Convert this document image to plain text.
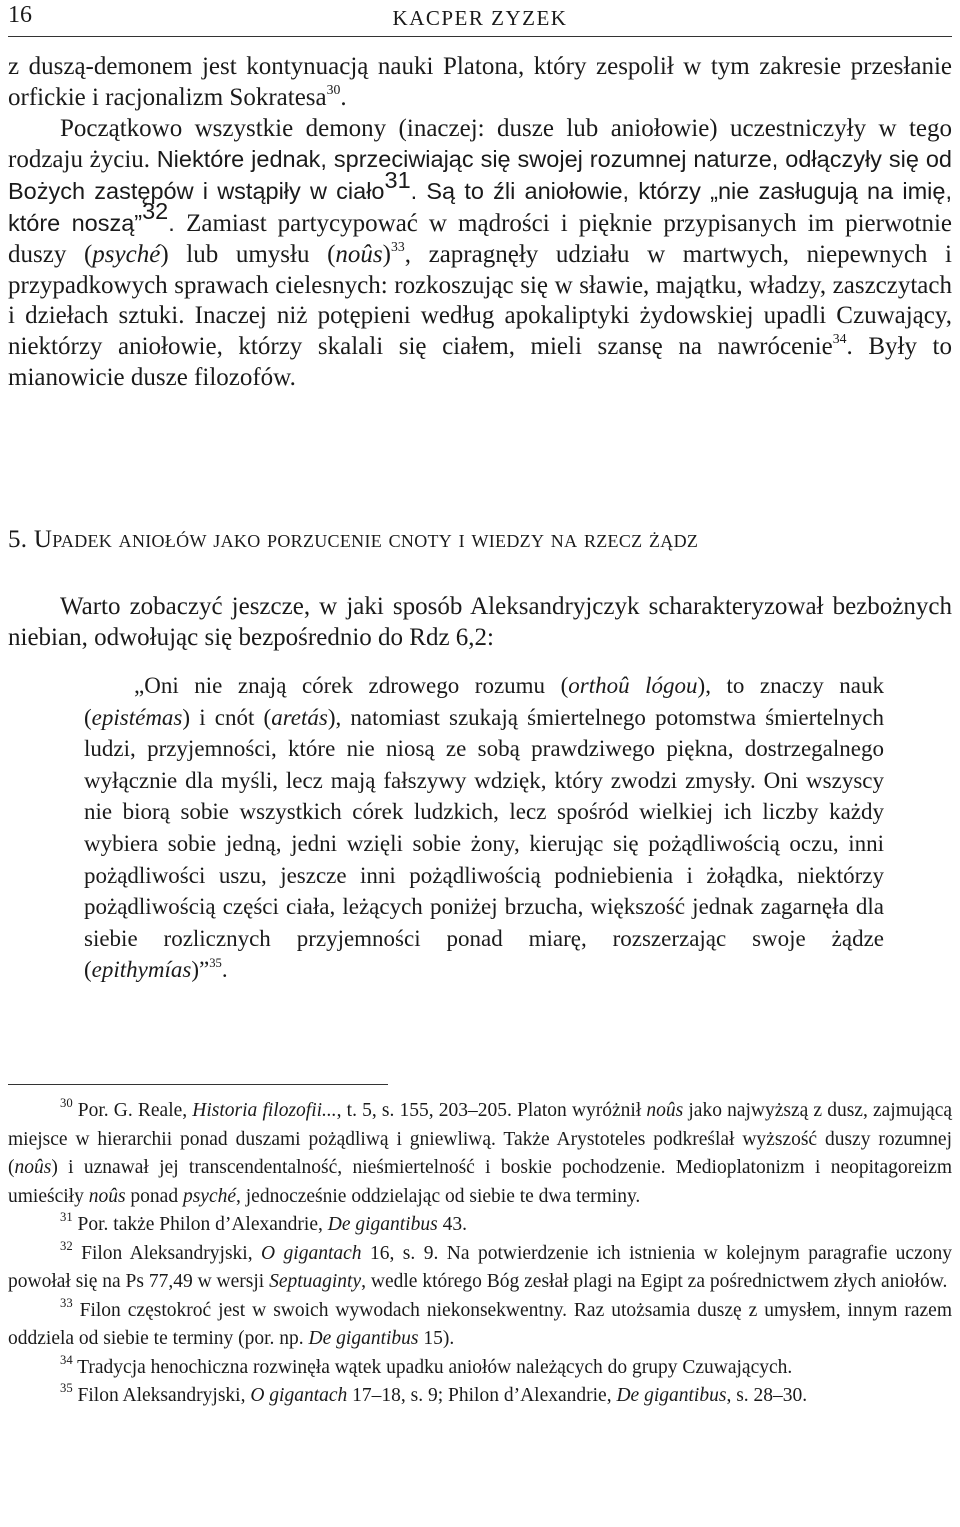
16	KACPER ZYZEK

z duszą-demonem jest kontynuacją nauki Platona, który zespolił w tym zakresie przesłanie orfickie i racjonalizm Sokratesa$^{30}$.

Początkowo wszystkie demony (inaczej: dusze lub aniołowie) uczestniczyły w tego rodzaju życiu. Niektóre jednak, sprzeciwiając się swojej rozumnej naturze, odłączyły się od Bożych zastępów i wstąpiły w ciało$^{31}$. Są to źli aniołowie, którzy „nie zasługują na imię, które noszą”$^{32}$. Zamiast partycypować w mądrości i pięknie przypisanych im pierwotnie duszy (psyché) lub umysłu (noûs)$^{33}$, zapragnęły udziału w martwych, niepewnych i przypadkowych sprawach cielesnych: rozkoszując się w sławie, majątku, władzy, zaszczytach i dziełach sztuki. Inaczej niż potępieni według apokaliptyki żydowskiej upadli Czuwający, niektórzy aniołowie, którzy skalali się ciałem, mieli szansę na nawrócenie$^{34}$. Były to mianowicie dusze filozofów.

5. Upadek aniołów jako porzucenie cnoty i wiedzy na rzecz żądz

Warto zobaczyć jeszcze, w jaki sposób Aleksandryjczyk scharakteryzował bezbożnych niebian, odwołując się bezpośrednio do Rdz 6,2:

„Oni nie znają córek zdrowego rozumu (orthoû lógou), to znaczy nauk (epistémas) i cnót (aretás), natomiast szukają śmiertelnego potomstwa śmiertelnych ludzi, przyjemności, które nie niosą ze sobą prawdziwego piękna, dostrzegalnego wyłącznie dla myśli, lecz mają fałszywy wdzięk, który zwodzi zmysły. Oni wszyscy nie biorą sobie wszystkich córek ludzkich, lecz spośród wielkiej ich liczby każdy wybiera sobie jedną, jedni wzięli sobie żony, kierując się pożądliwością oczu, inni pożądliwości uszu, jeszcze inni pożądliwością podniebienia i żołądka, niektórzy pożądliwością części ciała, leżących poniżej brzucha, większość jednak zagarnęła dla siebie rozlicznych przyjemności ponad miarę, rozszerzając swoje żądze (epithymías)”$^{35}$.

$^{30}$ Por. G. Reale, Historia filozofii..., t. 5, s. 155, 203–205. Platon wyróżnił noûs jako najwyższą z dusz, zajmującą miejsce w hierarchii ponad duszami pożądliwą i gniewliwą. Także Arystoteles podkreślał wyższość duszy rozumnej (noûs) i uznawał jej transcendentalność, nieśmiertelność i boskie pochodzenie. Medioplatonizm i neopitagoreizm umieściły noûs ponad psyché, jednocześnie oddzielając od siebie te dwa terminy.

$^{31}$ Por. także Philon d’Alexandrie, De gigantibus 43.

$^{32}$ Filon Aleksandryjski, O gigantach 16, s. 9. Na potwierdzenie ich istnienia w kolejnym paragrafie uczony powołał się na Ps 77,49 w wersji Septuaginty, wedle którego Bóg zesłał plagi na Egipt za pośrednictwem złych aniołów.

$^{33}$ Filon częstokroć jest w swoich wywodach niekonsekwentny. Raz utożsamia duszę z umysłem, innym razem oddziela od siebie te terminy (por. np. De gigantibus 15).

$^{34}$ Tradycja henochiczna rozwinęła wątek upadku aniołów należących do grupy Czuwających.

$^{35}$ Filon Aleksandryjski, O gigantach 17–18, s. 9; Philon d’Alexandrie, De gigantibus, s. 28–30.
